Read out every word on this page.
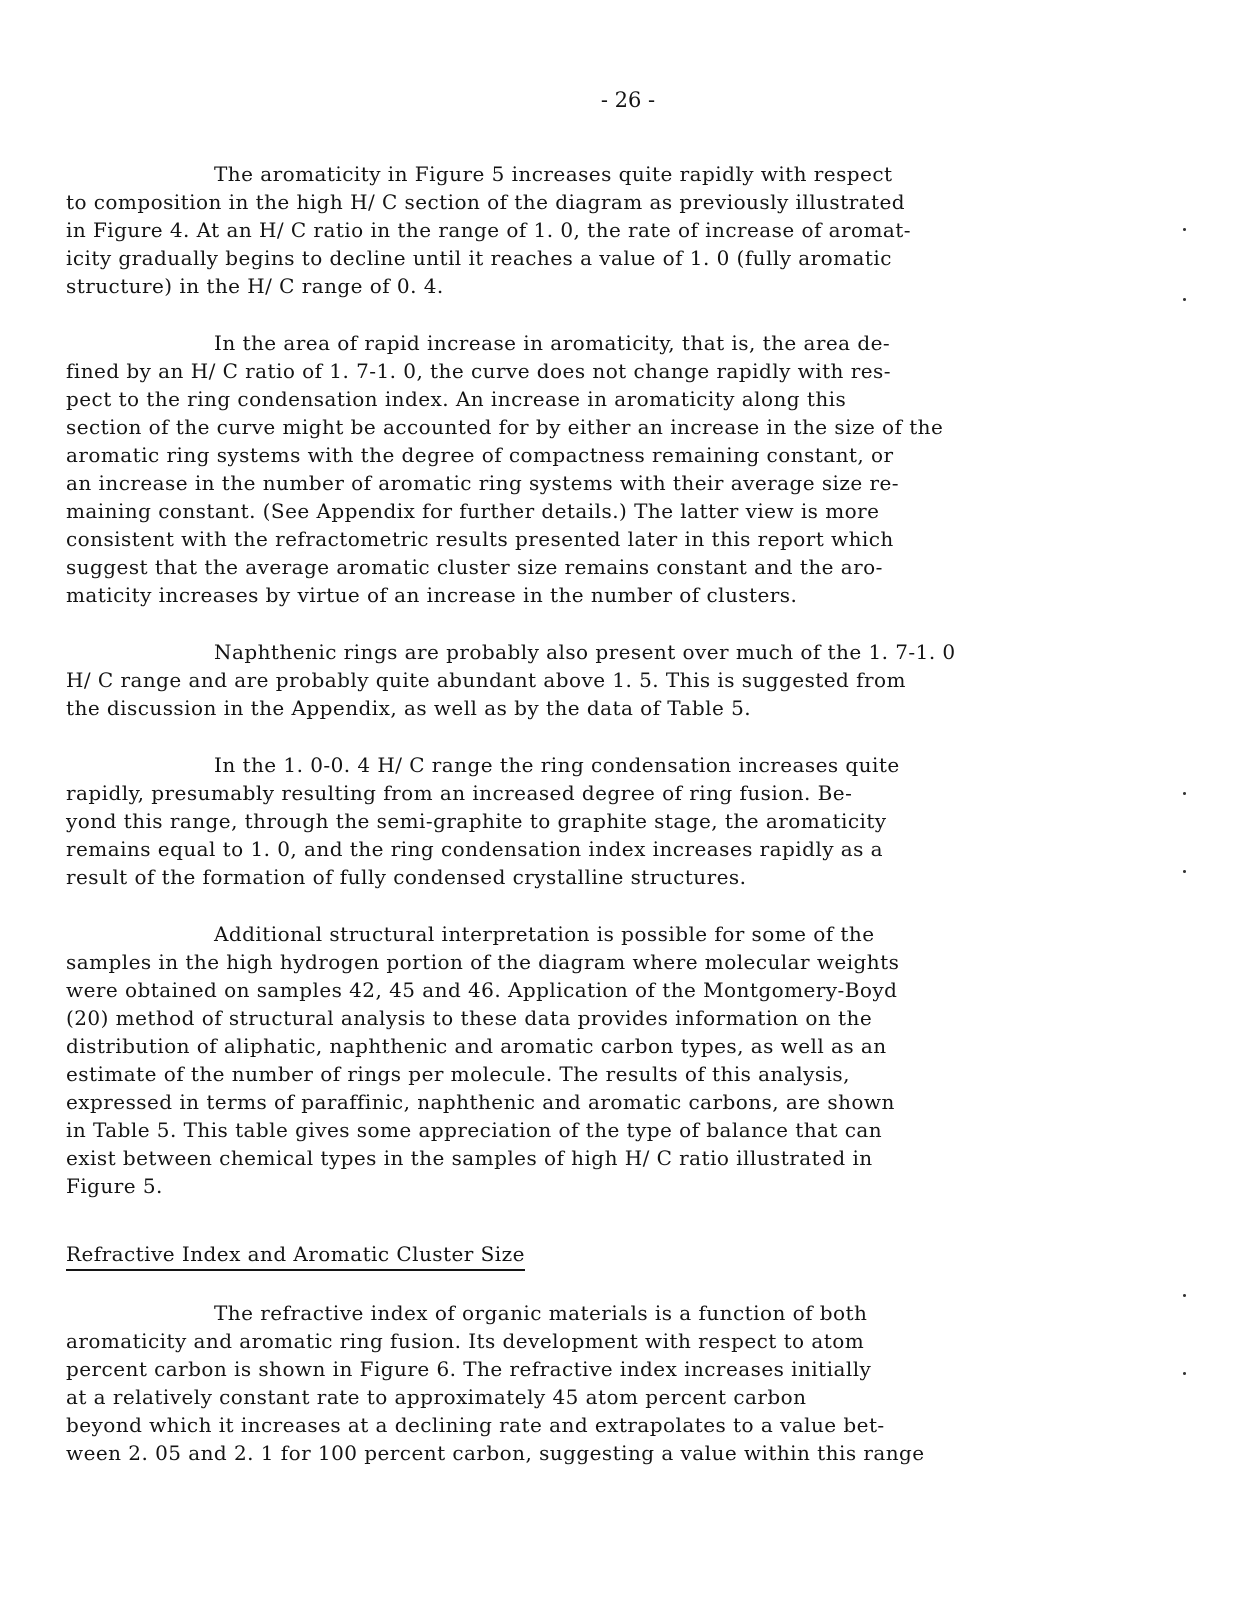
- 26 -
The aromaticity in Figure 5 increases quite rapidly with respect
to composition in the high H/ C section of the diagram as previously illustrated
in Figure 4. At an H/ C ratio in the range of 1. 0, the rate of increase of aromat-
icity gradually begins to decline until it reaches a value of 1. 0 (fully aromatic
structure) in the H/ C range of 0. 4.
In the area of rapid increase in aromaticity, that is, the area de-
fined by an H/ C ratio of 1. 7-1. 0, the curve does not change rapidly with res-
pect to the ring condensation index. An increase in aromaticity along this
section of the curve might be accounted for by either an increase in the size of the
aromatic ring systems with the degree of compactness remaining constant, or
an increase in the number of aromatic ring systems with their average size re-
maining constant. (See Appendix for further details.) The latter view is more
consistent with the refractometric results presented later in this report which
suggest that the average aromatic cluster size remains constant and the aro-
maticity increases by virtue of an increase in the number of clusters.
Naphthenic rings are probably also present over much of the 1. 7-1. 0
H/ C range and are probably quite abundant above 1. 5. This is suggested from
the discussion in the Appendix, as well as by the data of Table 5.
In the 1. 0-0. 4 H/ C range the ring condensation increases quite
rapidly, presumably resulting from an increased degree of ring fusion. Be-
yond this range, through the semi-graphite to graphite stage, the aromaticity
remains equal to 1. 0, and the ring condensation index increases rapidly as a
result of the formation of fully condensed crystalline structures.
Additional structural interpretation is possible for some of the
samples in the high hydrogen portion of the diagram where molecular weights
were obtained on samples 42, 45 and 46. Application of the Montgomery-Boyd
(20) method of structural analysis to these data provides information on the
distribution of aliphatic, naphthenic and aromatic carbon types, as well as an
estimate of the number of rings per molecule. The results of this analysis,
expressed in terms of paraffinic, naphthenic and aromatic carbons, are shown
in Table 5. This table gives some appreciation of the type of balance that can
exist between chemical types in the samples of high H/ C ratio illustrated in
Figure 5.
Refractive Index and Aromatic Cluster Size
The refractive index of organic materials is a function of both
aromaticity and aromatic ring fusion. Its development with respect to atom
percent carbon is shown in Figure 6. The refractive index increases initially
at a relatively constant rate to approximately 45 atom percent carbon
beyond which it increases at a declining rate and extrapolates to a value bet-
ween 2. 05 and 2. 1 for 100 percent carbon, suggesting a value within this range
